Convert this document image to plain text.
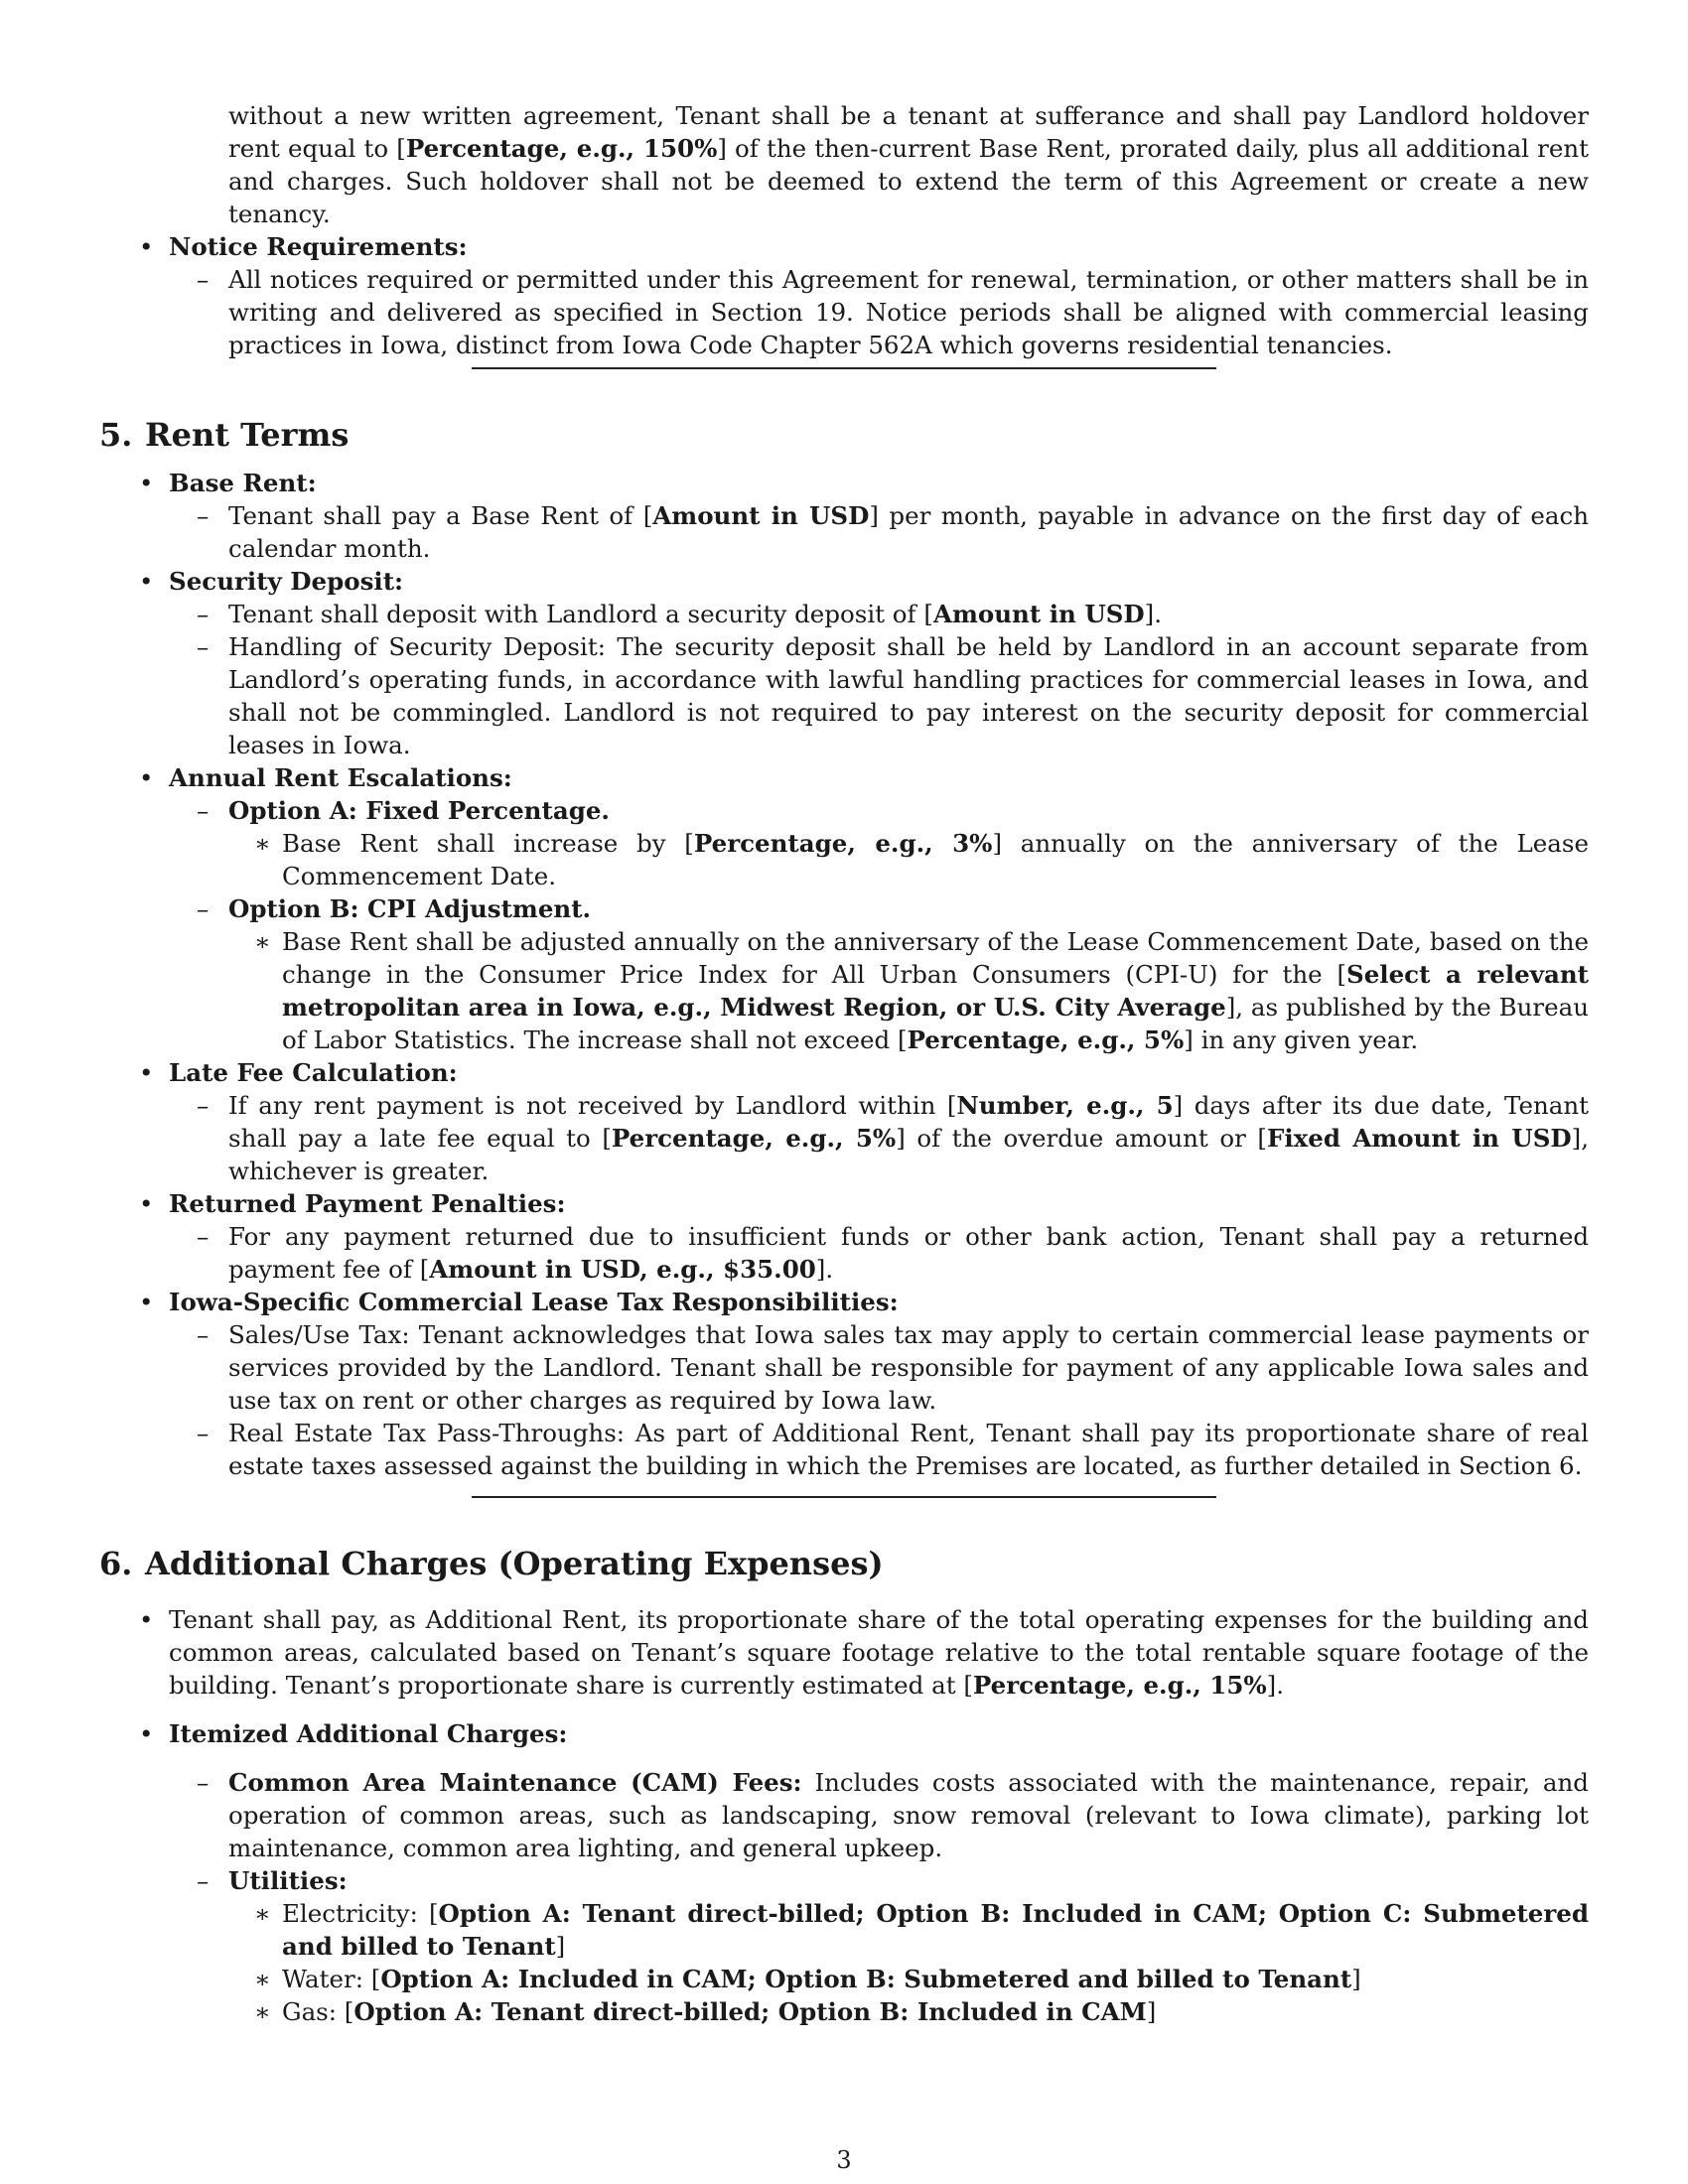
without a new written agreement, Tenant shall be a tenant at sufferance and shall pay Landlord holdover rent equal to [Percentage, e.g., 150%] of the then-current Base Rent, prorated daily, plus all additional rent and charges. Such holdover shall not be deemed to extend the term of this Agreement or create a new tenancy.
• Notice Requirements:
– All notices required or permitted under this Agreement for renewal, termination, or other matters shall be in writing and delivered as specified in Section 19. Notice periods shall be aligned with commercial leasing practices in Iowa, distinct from Iowa Code Chapter 562A which governs residential tenancies.
5. Rent Terms
• Base Rent:
– Tenant shall pay a Base Rent of [Amount in USD] per month, payable in advance on the first day of each calendar month.
• Security Deposit:
– Tenant shall deposit with Landlord a security deposit of [Amount in USD].
– Handling of Security Deposit: The security deposit shall be held by Landlord in an account separate from Landlord’s operating funds, in accordance with lawful handling practices for commercial leases in Iowa, and shall not be commingled. Landlord is not required to pay interest on the security deposit for commercial leases in Iowa.
• Annual Rent Escalations:
– Option A: Fixed Percentage.
∗ Base Rent shall increase by [Percentage, e.g., 3%] annually on the anniversary of the Lease Commencement Date.
– Option B: CPI Adjustment.
∗ Base Rent shall be adjusted annually on the anniversary of the Lease Commencement Date, based on the change in the Consumer Price Index for All Urban Consumers (CPI-U) for the [Select a relevant metropolitan area in Iowa, e.g., Midwest Region, or U.S. City Average], as published by the Bureau of Labor Statistics. The increase shall not exceed [Percentage, e.g., 5%] in any given year.
• Late Fee Calculation:
– If any rent payment is not received by Landlord within [Number, e.g., 5] days after its due date, Tenant shall pay a late fee equal to [Percentage, e.g., 5%] of the overdue amount or [Fixed Amount in USD], whichever is greater.
• Returned Payment Penalties:
– For any payment returned due to insufficient funds or other bank action, Tenant shall pay a returned payment fee of [Amount in USD, e.g., $35.00].
• Iowa-Specific Commercial Lease Tax Responsibilities:
– Sales/Use Tax: Tenant acknowledges that Iowa sales tax may apply to certain commercial lease payments or services provided by the Landlord. Tenant shall be responsible for payment of any applicable Iowa sales and use tax on rent or other charges as required by Iowa law.
– Real Estate Tax Pass-Throughs: As part of Additional Rent, Tenant shall pay its proportionate share of real estate taxes assessed against the building in which the Premises are located, as further detailed in Section 6.
6. Additional Charges (Operating Expenses)
• Tenant shall pay, as Additional Rent, its proportionate share of the total operating expenses for the building and common areas, calculated based on Tenant’s square footage relative to the total rentable square footage of the building. Tenant’s proportionate share is currently estimated at [Percentage, e.g., 15%].
• Itemized Additional Charges:
– Common Area Maintenance (CAM) Fees: Includes costs associated with the maintenance, repair, and operation of common areas, such as landscaping, snow removal (relevant to Iowa climate), parking lot maintenance, common area lighting, and general upkeep.
– Utilities:
∗ Electricity: [Option A: Tenant direct-billed; Option B: Included in CAM; Option C: Submetered and billed to Tenant]
∗ Water: [Option A: Included in CAM; Option B: Submetered and billed to Tenant]
∗ Gas: [Option A: Tenant direct-billed; Option B: Included in CAM]
3
